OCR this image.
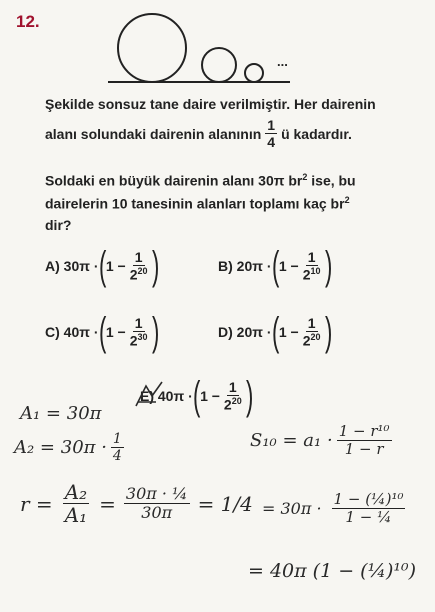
12.
...
Şekilde sonsuz tane daire verilmiştir. Her dairenin
alanı solundaki dairenin alanının $\frac{1}{4}$ ü kadardır.
Soldaki en büyük dairenin alanı 30π $br^2$ ise, bu
dairelerin 10 tanesinin alanları toplamı kaç $br^2$
dir?
A)
30π · ( $1 - \frac{1}{2^{20}}$ )	B)
20π · ( $1 - \frac{1}{2^{10}}$ )
C)
40π · ( $1 - \frac{1}{2^{30}}$ )	D)
20π · ( $1 - \frac{1}{2^{20}}$ )
E)
40π · ( $1 - \frac{1}{2^{20}}$ )
A₁ = 30π
$A_2 = 30\pi \cdot \frac{1}{4}$
$r = \frac{\text{A₂}}{\text{A₁}} = \frac{\text{30π · ¼}}{30\pi} = 1/4$
$S_{10} = a_1 \cdot \frac{\text{1 − r¹⁰}}{1 - r}$
= $30\pi \cdot \frac{\text{1 − (¼)¹⁰}}{\text{1 − ¼}}$
= 40π (1 − (¼)¹⁰)
